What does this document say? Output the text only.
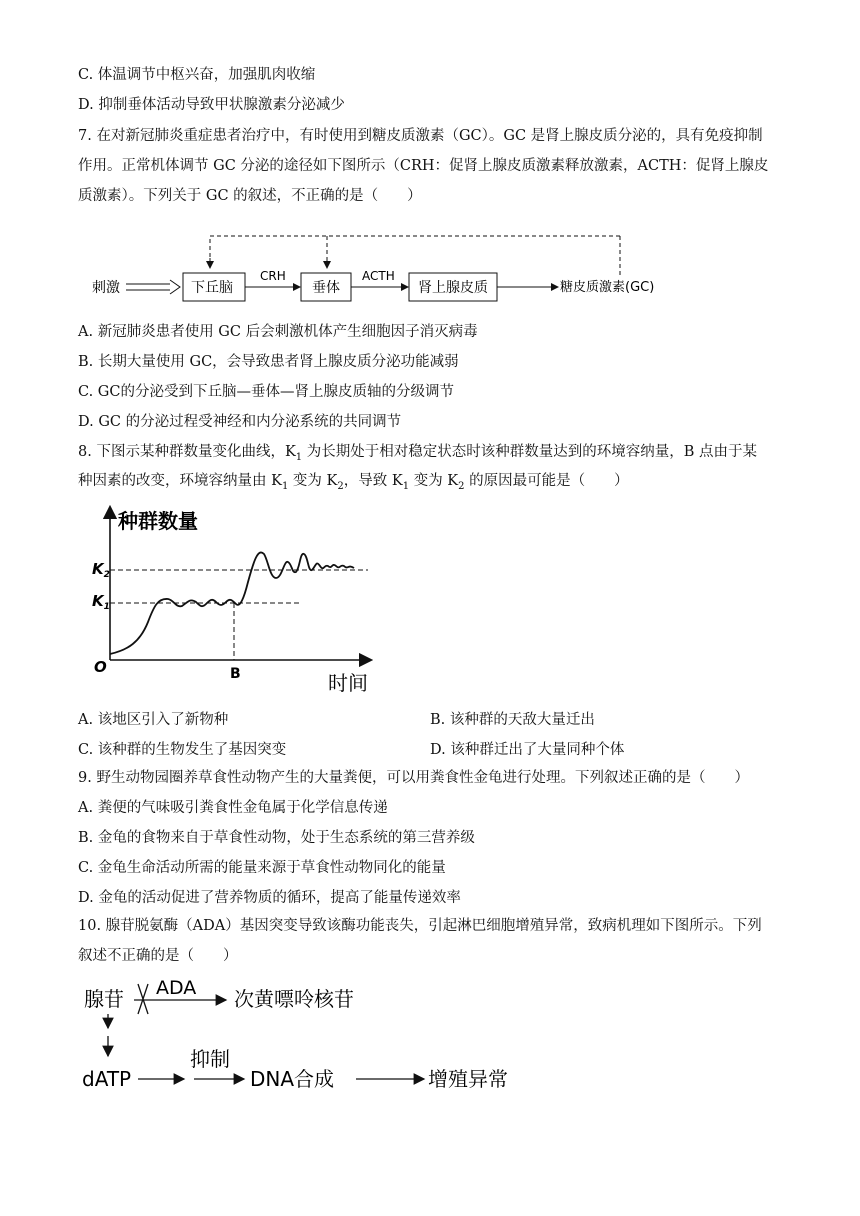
C. 体温调节中枢兴奋，加强肌肉收缩
D. 抑制垂体活动导致甲状腺激素分泌减少
7. 在对新冠肺炎重症患者治疗中，有时使用到糖皮质激素（GC）。GC 是肾上腺皮质分泌的，具有免疫抑制
作用。正常机体调节 GC 分泌的途径如下图所示（CRH：促肾上腺皮质激素释放激素，ACTH：促肾上腺皮
质激素）。下列关于 GC 的叙述，不正确的是（　　）
刺激	下丘脑
CRH
垂体
ACTH
肾上腺皮质	糖皮质激素(GC)
A. 新冠肺炎患者使用 GC 后会刺激机体产生细胞因子消灭病毒
B. 长期大量使用 GC，会导致患者肾上腺皮质分泌功能减弱
C. GC的分泌受到下丘脑—垂体—肾上腺皮质轴的分级调节
D. GC 的分泌过程受神经和内分泌系统的共同调节
8. 下图示某种群数量变化曲线，$K_1$ 为长期处于相对稳定状态时该种群数量达到的环境容纳量，B 点由于某
种因素的改变，环境容纳量由 $K_1$ 变为 $K_2$，导致 $K_1$ 变为 $K_2$ 的原因最可能是（　　）
种群数量
时间
O	B
$K_2$
$K_1$
A. 该地区引入了新物种	B. 该种群的天敌大量迁出
C. 该种群的生物发生了基因突变	D. 该种群迁出了大量同种个体
9. 野生动物园圈养草食性动物产生的大量粪便，可以用粪食性金龟进行处理。下列叙述正确的是（　　）
A. 粪便的气味吸引粪食性金龟属于化学信息传递
B. 金龟的食物来自于草食性动物，处于生态系统的第三营养级
C. 金龟生命活动所需的能量来源于草食性动物同化的能量
D. 金龟的活动促进了营养物质的循环，提高了能量传递效率
10. 腺苷脱氨酶（ADA）基因突变导致该酶功能丧失，引起淋巴细胞增殖异常，致病机理如下图所示。下列
叙述不正确的是（　　）
腺苷 ADA 次黄嘌呤核苷
dATP
抑制
DNA合成	增殖异常
